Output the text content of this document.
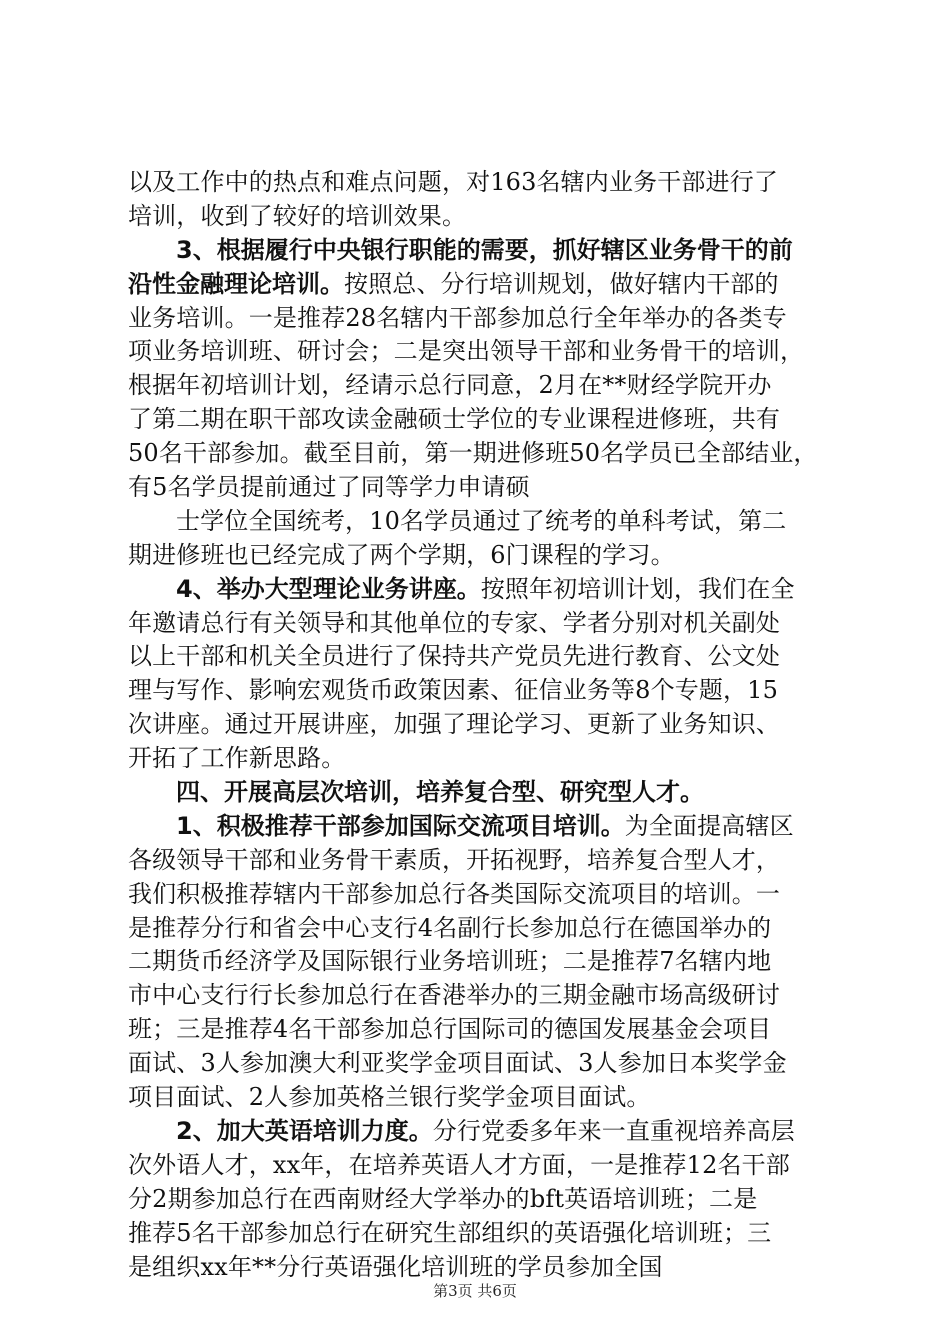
以及工作中的热点和难点问题，对163名辖内业务干部进行了
培训，收到了较好的培训效果。
3、根据履行中央银行职能的需要，抓好辖区业务骨干的前
沿性金融理论培训。按照总、分行培训规划，做好辖内干部的
业务培训。一是推荐28名辖内干部参加总行全年举办的各类专
项业务培训班、研讨会；二是突出领导干部和业务骨干的培训，
根据年初培训计划，经请示总行同意，2月在**财经学院开办
了第二期在职干部攻读金融硕士学位的专业课程进修班，共有
50名干部参加。截至目前，第一期进修班50名学员已全部结业，
有5名学员提前通过了同等学力申请硕
士学位全国统考，10名学员通过了统考的单科考试，第二
期进修班也已经完成了两个学期，6门课程的学习。
4、举办大型理论业务讲座。按照年初培训计划，我们在全
年邀请总行有关领导和其他单位的专家、学者分别对机关副处
以上干部和机关全员进行了保持共产党员先进行教育、公文处
理与写作、影响宏观货币政策因素、征信业务等8个专题，15
次讲座。通过开展讲座，加强了理论学习、更新了业务知识、
开拓了工作新思路。
四、开展高层次培训，培养复合型、研究型人才。
1、积极推荐干部参加国际交流项目培训。为全面提高辖区
各级领导干部和业务骨干素质，开拓视野，培养复合型人才，
我们积极推荐辖内干部参加总行各类国际交流项目的培训。一
是推荐分行和省会中心支行4名副行长参加总行在德国举办的
二期货币经济学及国际银行业务培训班；二是推荐7名辖内地
市中心支行行长参加总行在香港举办的三期金融市场高级研讨
班；三是推荐4名干部参加总行国际司的德国发展基金会项目
面试、3人参加澳大利亚奖学金项目面试、3人参加日本奖学金
项目面试、2人参加英格兰银行奖学金项目面试。
2、加大英语培训力度。分行党委多年来一直重视培养高层
次外语人才，xx年，在培养英语人才方面，一是推荐12名干部
分2期参加总行在西南财经大学举办的bft英语培训班；二是
推荐5名干部参加总行在研究生部组织的英语强化培训班；三
是组织xx年**分行英语强化培训班的学员参加全国
第3页 共6页
